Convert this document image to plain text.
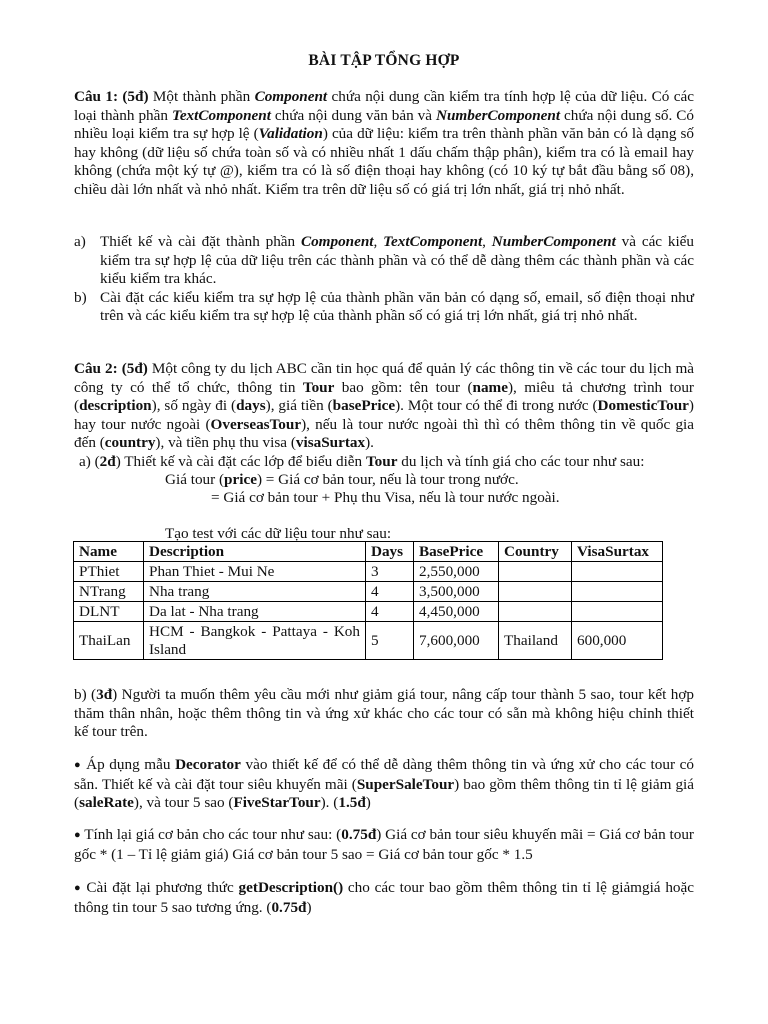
BÀI TẬP TỔNG HỢP
Câu 1: (5đ) Một thành phần Component chứa nội dung cần kiểm tra tính hợp lệ của dữ liệu. Có các loại thành phần TextComponent chứa nội dung văn bản và NumberComponent chứa nội dung số. Có nhiều loại kiểm tra sự hợp lệ (Validation) của dữ liệu: kiểm tra trên thành phần văn bản có là dạng số hay không (dữ liệu số chứa toàn số và có nhiều nhất 1 dấu chấm thập phân), kiểm tra có là email hay không (chứa một ký tự @), kiểm tra có là số điện thoại hay không (có 10 ký tự bắt đầu bằng số 08), chiều dài lớn nhất và nhỏ nhất. Kiểm tra trên dữ liệu số có giá trị lớn nhất, giá trị nhỏ nhất.
a) Thiết kế và cài đặt thành phần Component, TextComponent, NumberComponent và các kiểu kiểm tra sự hợp lệ của dữ liệu trên các thành phần và có thể dễ dàng thêm các thành phần và các kiểu kiểm tra khác.
b) Cài đặt các kiểu kiểm tra sự hợp lệ của thành phần văn bản có dạng số, email, số điện thoại như trên và các kiểu kiểm tra sự hợp lệ của thành phần số có giá trị lớn nhất, giá trị nhỏ nhất.
Câu 2: (5đ) Một công ty du lịch ABC cần tin học quá để quản lý các thông tin về các tour du lịch mà công ty có thể tổ chức, thông tin Tour bao gồm: tên tour (name), miêu tả chương trình tour (description), số ngày đi (days), giá tiền (basePrice). Một tour có thể đi trong nước (DomesticTour) hay tour nước ngoài (OverseasTour), nếu là tour nước ngoài thì thì có thêm thông tin về quốc gia đến (country), và tiền phụ thu visa (visaSurtax).
a) (2đ) Thiết kế và cài đặt các lớp để biểu diễn Tour du lịch và tính giá cho các tour như sau:
Giá tour (price) = Giá cơ bản tour, nếu là tour trong nước.
= Giá cơ bản tour + Phụ thu Visa, nếu là tour nước ngoài.
Tạo test với các dữ liệu tour như sau:
Name	Description	Days	BasePrice	Country	VisaSurtax
PThiet	Phan Thiet - Mui Ne	3	2,550,000		
NTrang	Nha trang	4	3,500,000		
DLNT	Da lat - Nha trang	4	4,450,000		
ThaiLan	HCM - Bangkok - Pattaya - Koh Island	5	7,600,000	Thailand	600,000
b) (3đ) Người ta muốn thêm yêu cầu mới như giảm giá tour, nâng cấp tour thành 5 sao, tour kết hợp thăm thân nhân, hoặc thêm thông tin và ứng xử khác cho các tour có sẵn mà không hiệu chỉnh thiết kế tour trên.
● Áp dụng mẫu Decorator vào thiết kế để có thể dễ dàng thêm thông tin và ứng xử cho các tour có sẵn. Thiết kế và cài đặt tour siêu khuyến mãi (SuperSaleTour) bao gồm thêm thông tin tỉ lệ giảm giá (saleRate), và tour 5 sao (FiveStarTour). (1.5đ)
● Tính lại giá cơ bản cho các tour như sau: (0.75đ) Giá cơ bản tour siêu khuyến mãi = Giá cơ bản tour gốc * (1 – Tỉ lệ giảm giá) Giá cơ bản tour 5 sao = Giá cơ bản tour gốc * 1.5
● Cài đặt lại phương thức getDescription() cho các tour bao gồm thêm thông tin tỉ lệ giảmgiá hoặc thông tin tour 5 sao tương ứng. (0.75đ)
